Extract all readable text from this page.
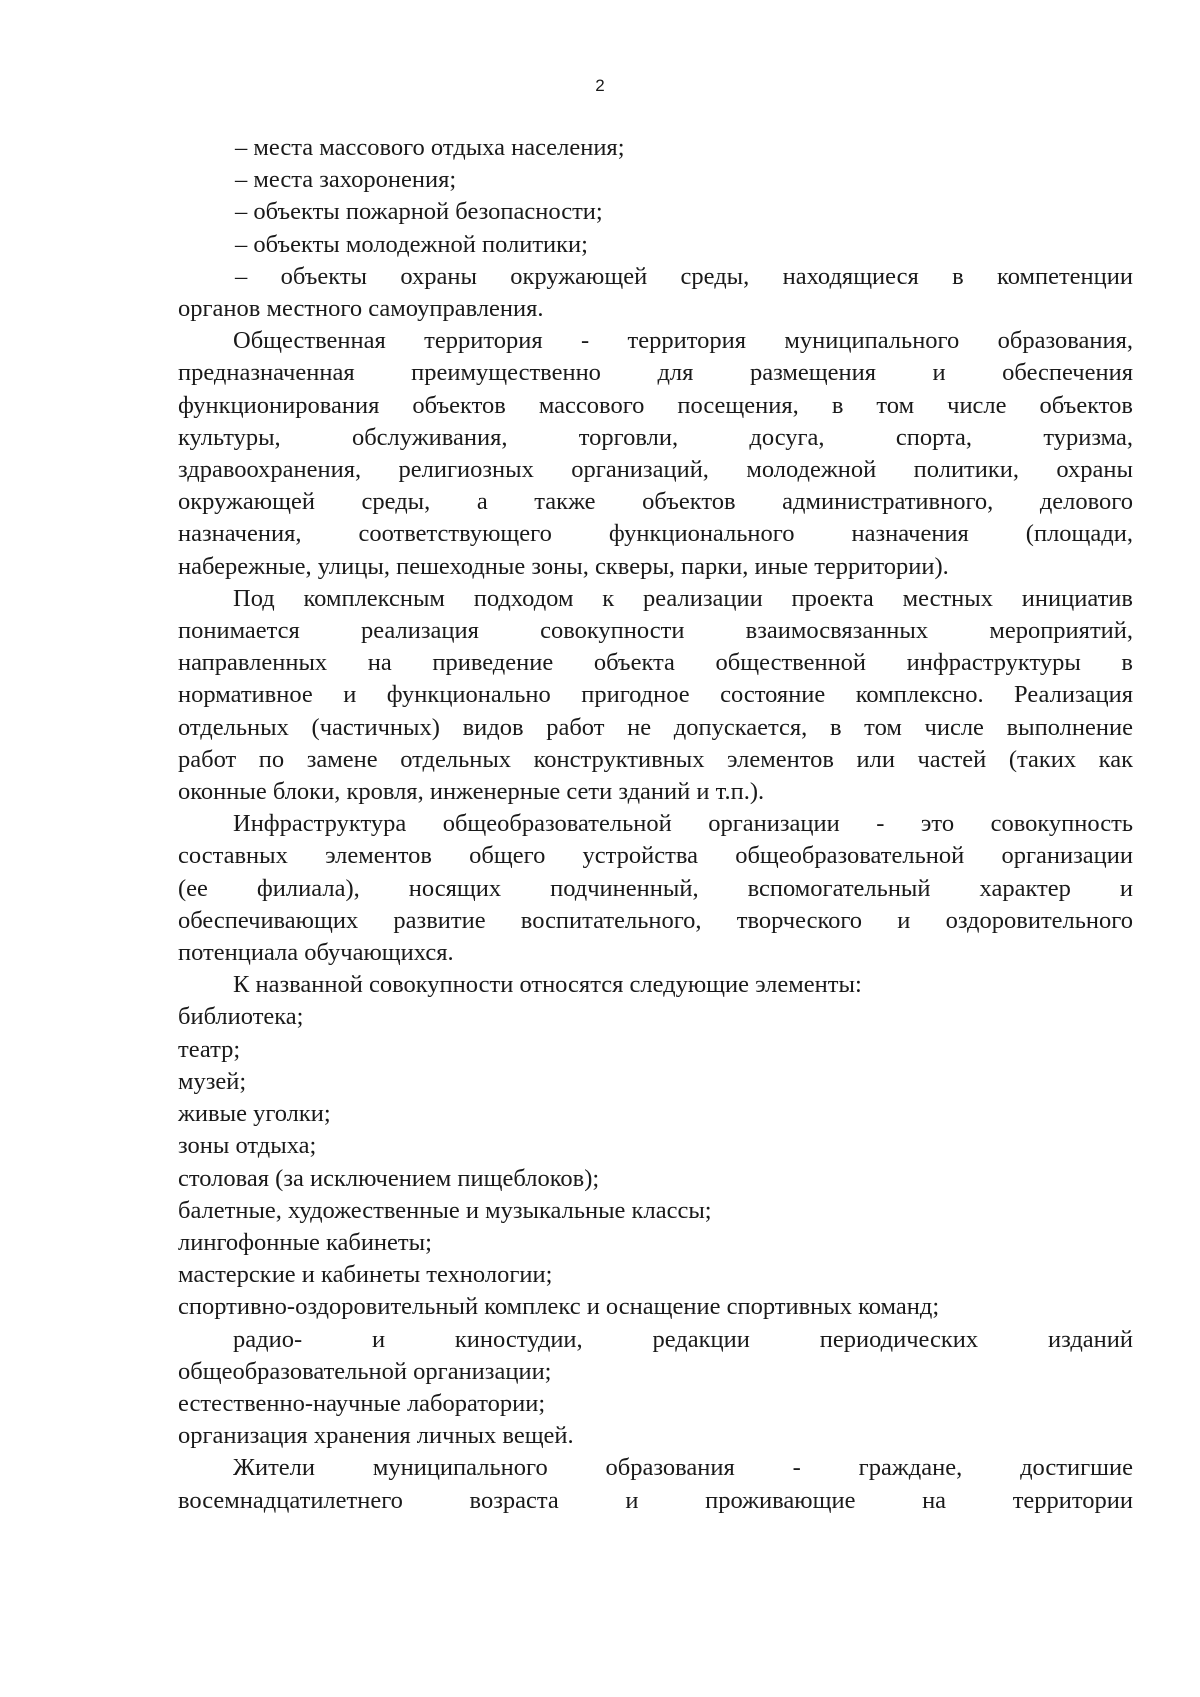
2

– места массового отдыха населения;

– места захоронения;

– объекты пожарной безопасности;

– объекты молодежной политики;

– объекты охраны окружающей среды, находящиеся в компетенции

органов местного самоуправления.

Общественная территория - территория муниципального образования,

предназначенная преимущественно для размещения и обеспечения

функционирования объектов массового посещения, в том числе объектов

культуры, обслуживания, торговли, досуга, спорта, туризма,

здравоохранения, религиозных организаций, молодежной политики, охраны

окружающей среды, а также объектов административного, делового

назначения, соответствующего функционального назначения (площади,

набережные, улицы, пешеходные зоны, скверы, парки, иные территории).

Под комплексным подходом к реализации проекта местных инициатив

понимается реализация совокупности взаимосвязанных мероприятий,

направленных на приведение объекта общественной инфраструктуры в

нормативное и функционально пригодное состояние комплексно. Реализация

отдельных (частичных) видов работ не допускается, в том числе выполнение

работ по замене отдельных конструктивных элементов или частей (таких как

оконные блоки, кровля, инженерные сети зданий и т.п.).

Инфраструктура общеобразовательной организации - это совокупность

составных элементов общего устройства общеобразовательной организации

(ее филиала), носящих подчиненный, вспомогательный характер и

обеспечивающих развитие воспитательного, творческого и оздоровительного

потенциала обучающихся.

К названной совокупности относятся следующие элементы:

библиотека;

театр;

музей;

живые уголки;

зоны отдыха;

столовая (за исключением пищеблоков);

балетные, художественные и музыкальные классы;

лингофонные кабинеты;

мастерские и кабинеты технологии;

спортивно-оздоровительный комплекс и оснащение спортивных команд;

радио- и киностудии, редакции периодических изданий

общеобразовательной организации;

естественно-научные лаборатории;

организация хранения личных вещей.

Жители муниципального образования - граждане, достигшие

восемнадцатилетнего возраста и проживающие на территории
